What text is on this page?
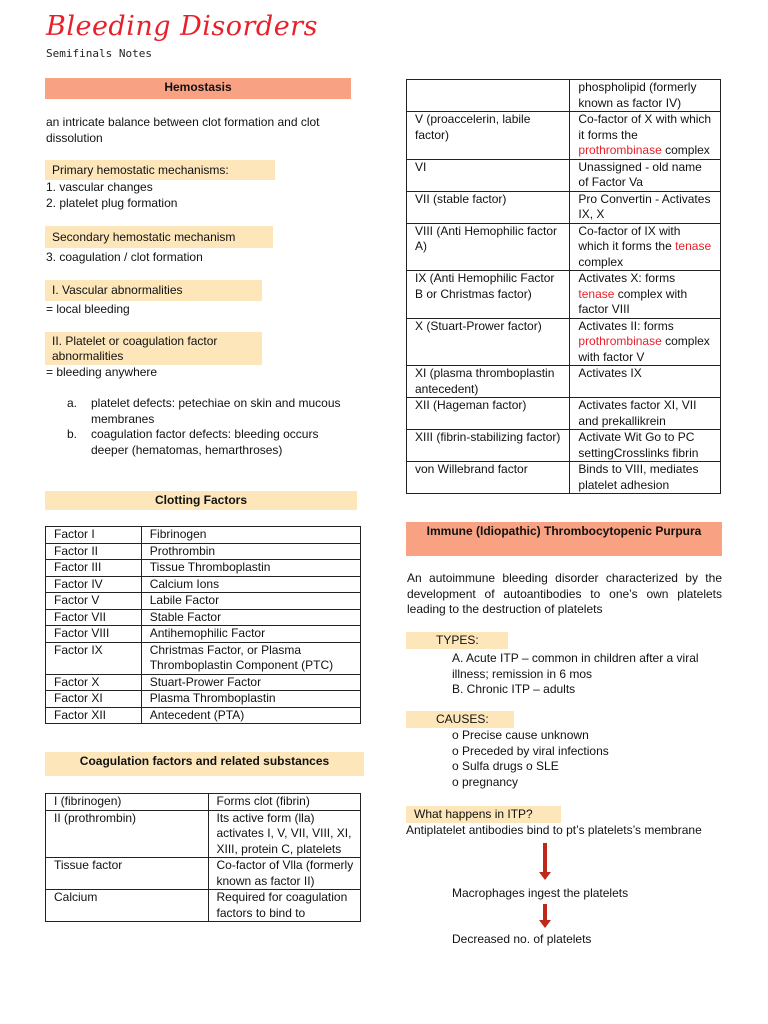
Bleeding Disorders
Semifinals Notes
Hemostasis
an intricate balance between clot formation and clot dissolution
Primary hemostatic mechanisms:
1. vascular changes
2. platelet plug formation
Secondary hemostatic mechanism
3. coagulation / clot formation
I. Vascular abnormalities
= local bleeding
II. Platelet or coagulation factor abnormalities
= bleeding anywhere
a. platelet defects: petechiae on skin and mucous membranes
b. coagulation factor defects: bleeding occurs deeper (hematomas, hemarthroses)
Clotting Factors
Factor I	Fibrinogen
Factor II	Prothrombin
Factor III	Tissue Thromboplastin
Factor IV	Calcium Ions
Factor V	Labile Factor
Factor VII	Stable Factor
Factor VIII	Antihemophilic Factor
Factor IX	Christmas Factor, or Plasma Thromboplastin Component (PTC)
Factor X	Stuart-Prower Factor
Factor XI	Plasma Thromboplastin
Factor XII	Antecedent (PTA)
Coagulation factors and related substances
I (fibrinogen)	Forms clot (fibrin)
II (prothrombin)	Its active form (lla) activates I, V, VII, VIII, XI, XIII, protein C, platelets
Tissue factor	Co-factor of Vlla (formerly known as factor II)
Calcium	Required for coagulation factors to bind to
	phospholipid (formerly known as factor IV)
V (proaccelerin, labile factor)	Co-factor of X with which it forms the prothrombinase complex
VI	Unassigned - old name of Factor Va
VII (stable factor)	Pro Convertin - Activates IX, X
VIII (Anti Hemophilic factor A)	Co-factor of IX with which it forms the tenase complex
IX (Anti Hemophilic Factor B or Christmas factor)	Activates X: forms tenase complex with factor VIII
X (Stuart-Prower factor)	Activates II: forms prothrombinase complex with factor V
XI (plasma thromboplastin antecedent)	Activates IX
XII (Hageman factor)	Activates factor XI, VII and prekallikrein
XIII (fibrin-stabilizing factor)	Activate Wit Go to PC settingCrosslinks fibrin
von Willebrand factor	Binds to VIII, mediates platelet adhesion
Immune (Idiopathic) Thrombocytopenic Purpura
An autoimmune bleeding disorder characterized by the development of autoantibodies to one’s own platelets leading to the destruction of platelets
TYPES:
A. Acute ITP – common in children after a viral illness; remission in 6 mos
B. Chronic ITP – adults
CAUSES:
o Precise cause unknown
o Preceded by viral infections
o Sulfa drugs o SLE
o pregnancy
What happens in ITP?
Antiplatelet antibodies bind to pt’s platelets’s membrane
Macrophages ingest the platelets
Decreased no. of platelets
